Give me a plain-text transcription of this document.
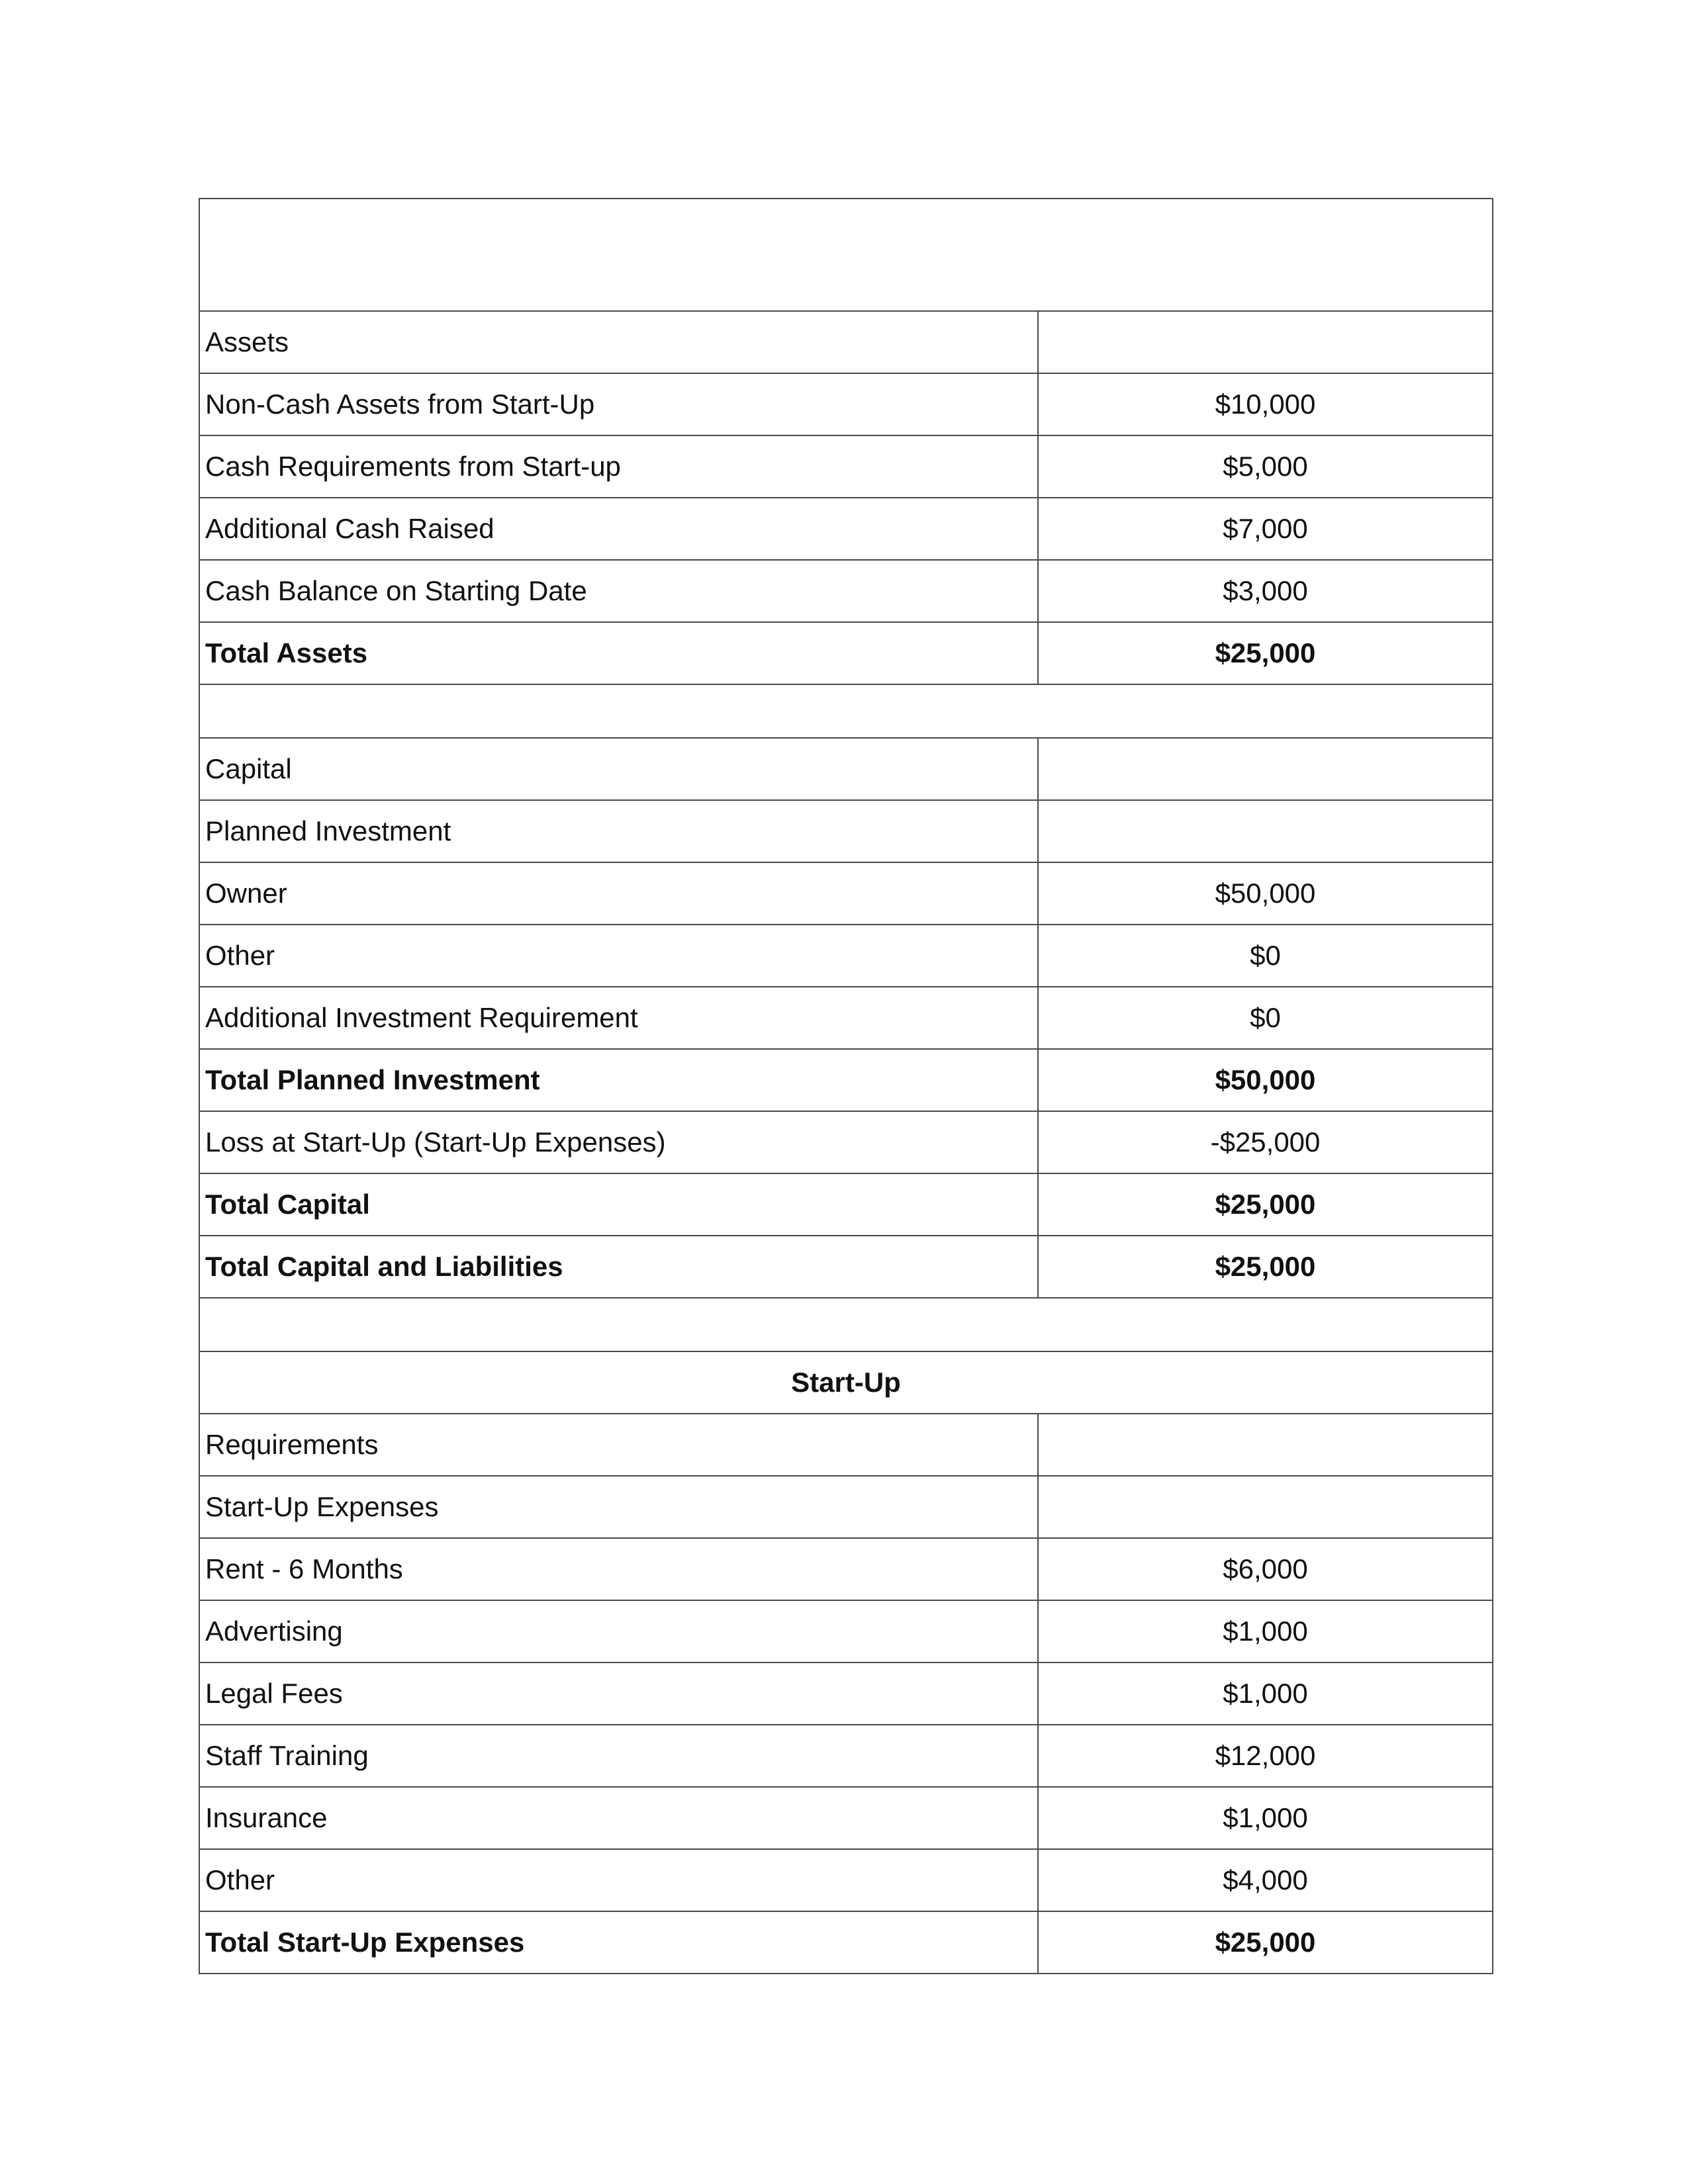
Assets	
Non-Cash Assets from Start-Up	$10,000
Cash Requirements from Start-up	$5,000
Additional Cash Raised	$7,000
Cash Balance on Starting Date	$3,000
Total Assets	$25,000

Capital	
Planned Investment	
Owner	$50,000
Other	$0
Additional Investment Requirement	$0
Total Planned Investment	$50,000
Loss at Start-Up (Start-Up Expenses)	-$25,000
Total Capital	$25,000
Total Capital and Liabilities	$25,000

Start-Up	
Requirements	
Start-Up Expenses	
Rent - 6 Months	$6,000
Advertising	$1,000
Legal Fees	$1,000
Staff Training	$12,000
Insurance	$1,000
Other	$4,000
Total Start-Up Expenses	$25,000
